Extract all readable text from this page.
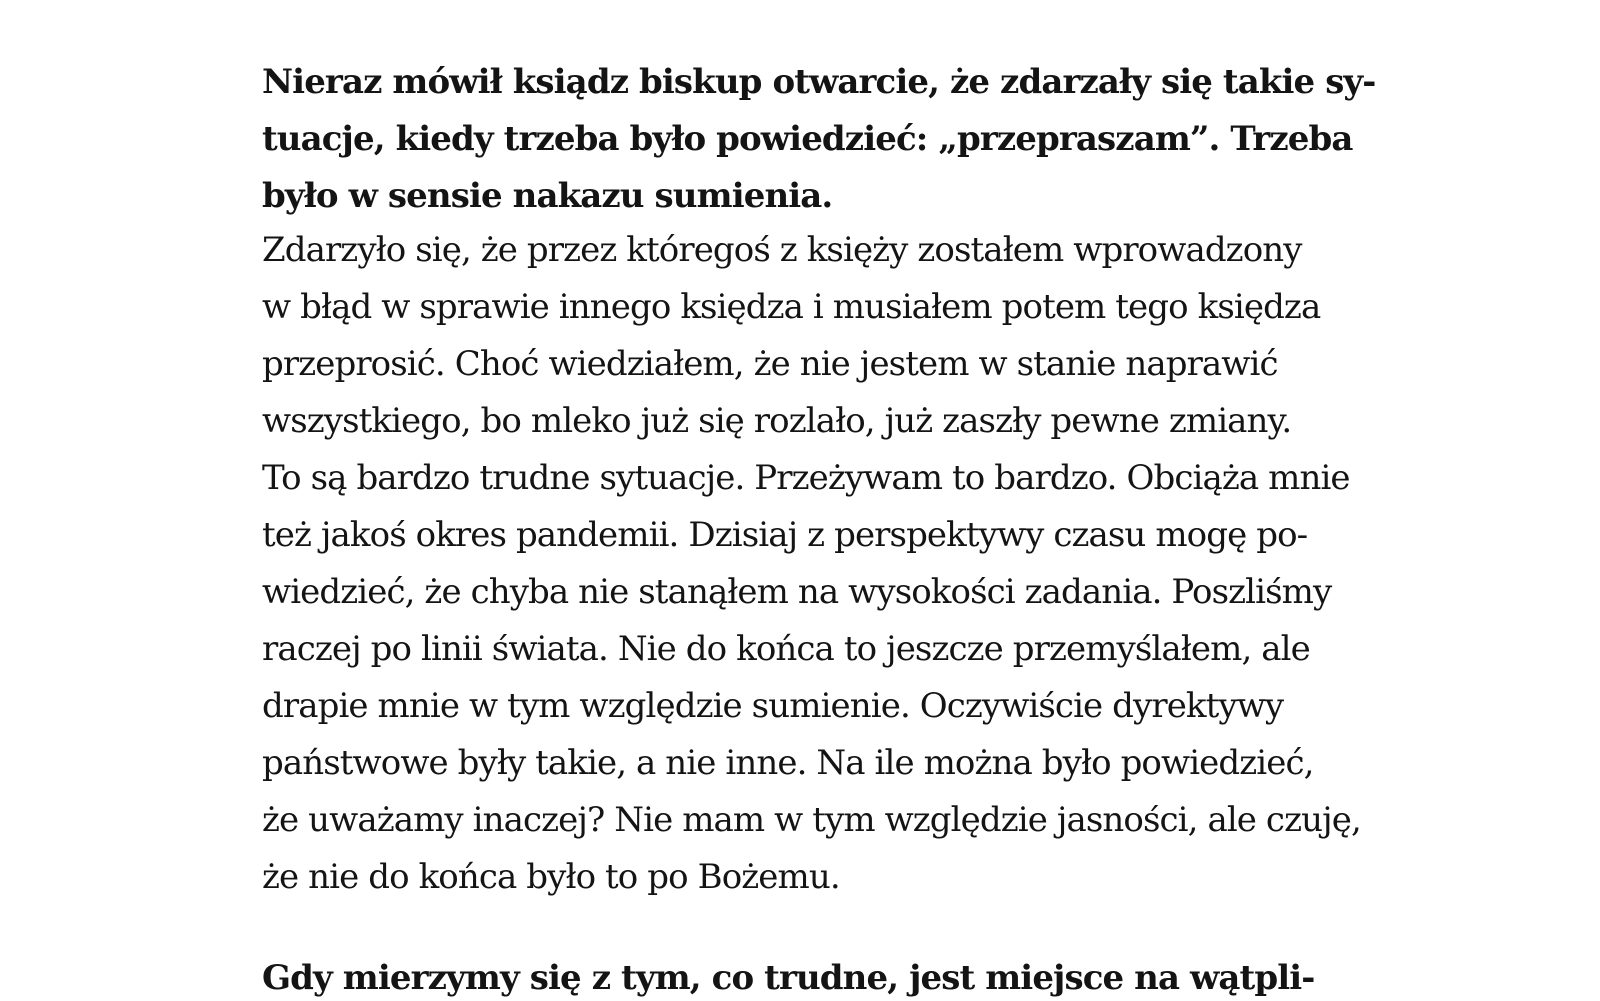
Nieraz mówił ksiądz biskup otwarcie, że zdarzały się takie sy-
tuacje, kiedy trzeba było powiedzieć: „przepraszam”. Trzeba
było w sensie nakazu sumienia.
Zdarzyło się, że przez któregoś z księży zostałem wprowadzony
w błąd w sprawie innego księdza i musiałem potem tego księdza
przeprosić. Choć wiedziałem, że nie jestem w stanie naprawić
wszystkiego, bo mleko już się rozlało, już zaszły pewne zmiany.
To są bardzo trudne sytuacje. Przeżywam to bardzo. Obciąża mnie
też jakoś okres pandemii. Dzisiaj z perspektywy czasu mogę po-
wiedzieć, że chyba nie stanąłem na wysokości zadania. Poszliśmy
raczej po linii świata. Nie do końca to jeszcze przemyślałem, ale
drapie mnie w tym względzie sumienie. Oczywiście dyrektywy
państwowe były takie, a nie inne. Na ile można było powiedzieć,
że uważamy inaczej? Nie mam w tym względzie jasności, ale czuję,
że nie do końca było to po Bożemu.
Gdy mierzymy się z tym, co trudne, jest miejsce na wątpli-
